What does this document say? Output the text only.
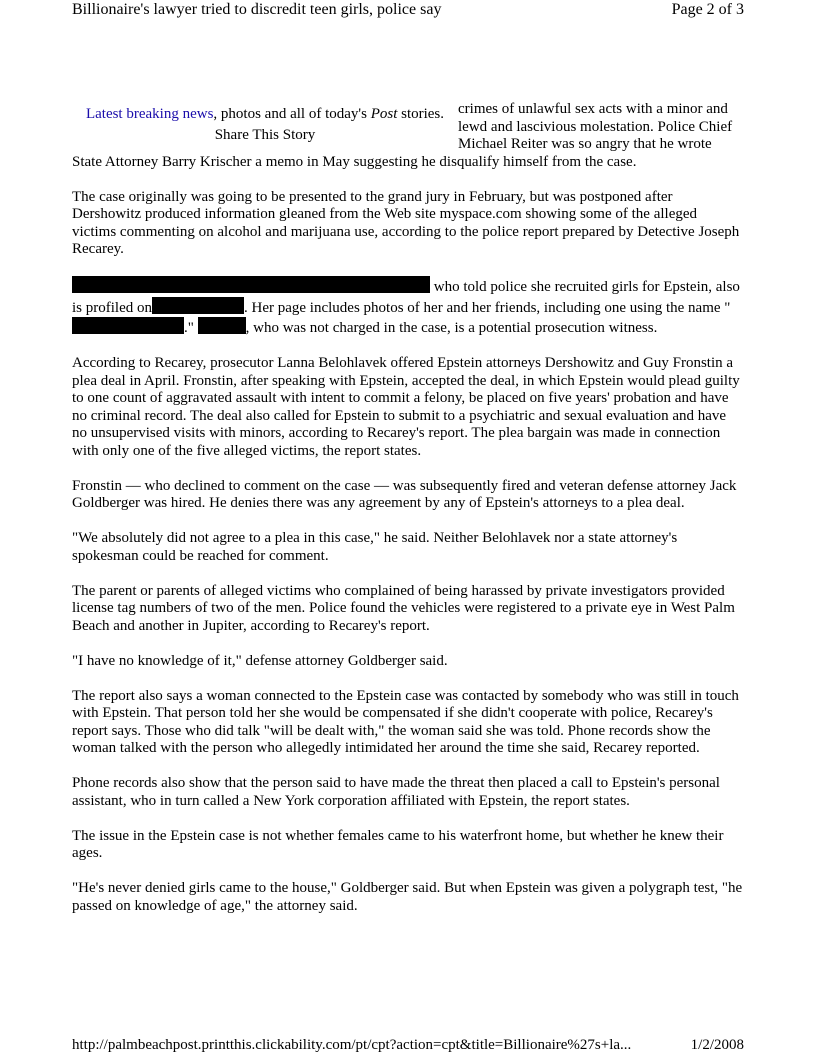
Billionaire's lawyer tried to discredit teen girls, police say	Page 2 of 3
Latest breaking news, photos and all of today's Post stories.
Share This Story

crimes of unlawful sex acts with a minor and lewd and lascivious molestation. Police Chief Michael Reiter was so angry that he wrote State Attorney Barry Krischer a memo in May suggesting he disqualify himself from the case.

The case originally was going to be presented to the grand jury in February, but was postponed after Dershowitz produced information gleaned from the Web site myspace.com showing some of the alleged victims commenting on alcohol and marijuana use, according to the police report prepared by Detective Joseph Recarey.

who told police she recruited girls for Epstein, also is profiled on	. Her page includes photos of her and her friends, including one using the name "."	, who was not charged in the case, is a potential prosecution witness.

According to Recarey, prosecutor Lanna Belohlavek offered Epstein attorneys Dershowitz and Guy Fronstin a plea deal in April. Fronstin, after speaking with Epstein, accepted the deal, in which Epstein would plead guilty to one count of aggravated assault with intent to commit a felony, be placed on five years' probation and have no criminal record. The deal also called for Epstein to submit to a psychiatric and sexual evaluation and have no unsupervised visits with minors, according to Recarey's report. The plea bargain was made in connection with only one of the five alleged victims, the report states.

Fronstin — who declined to comment on the case — was subsequently fired and veteran defense attorney Jack Goldberger was hired. He denies there was any agreement by any of Epstein's attorneys to a plea deal.

"We absolutely did not agree to a plea in this case," he said. Neither Belohlavek nor a state attorney's spokesman could be reached for comment.

The parent or parents of alleged victims who complained of being harassed by private investigators provided license tag numbers of two of the men. Police found the vehicles were registered to a private eye in West Palm Beach and another in Jupiter, according to Recarey's report.

"I have no knowledge of it," defense attorney Goldberger said.

The report also says a woman connected to the Epstein case was contacted by somebody who was still in touch with Epstein. That person told her she would be compensated if she didn't cooperate with police, Recarey's report says. Those who did talk "will be dealt with," the woman said she was told. Phone records show the woman talked with the person who allegedly intimidated her around the time she said, Recarey reported.

Phone records also show that the person said to have made the threat then placed a call to Epstein's personal assistant, who in turn called a New York corporation affiliated with Epstein, the report states.

The issue in the Epstein case is not whether females came to his waterfront home, but whether he knew their ages.

"He's never denied girls came to the house," Goldberger said. But when Epstein was given a polygraph test, "he passed on knowledge of age," the attorney said.

http://palmbeachpost.printthis.clickability.com/pt/cpt?action=cpt&title=Billionaire%27s+la...	1/2/2008
